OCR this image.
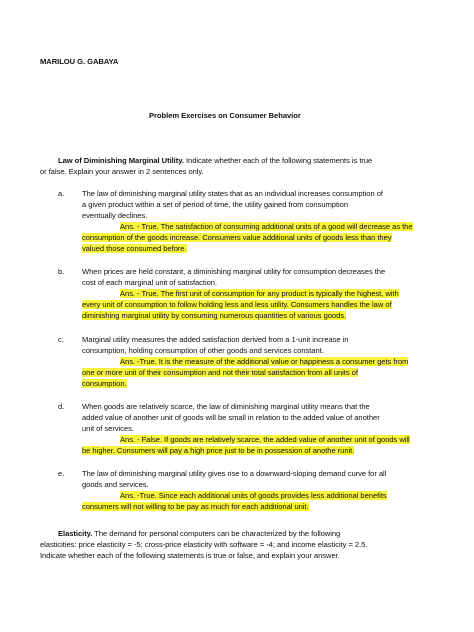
MARILOU G. GABAYA
Problem Exercises on Consumer Behavior
Law of Diminishing Marginal Utility. Indicate whether each of the following statements is true
or false. Explain your answer in 2 sentences only.
a. The law of diminishing marginal utility states that as an individual increases consumption of
a given product within a set of period of time, the utility gained from consumption
eventually declines.
Ans. - True. The satisfaction of consuming additional units of a good will decrease as the
consumption of the goods increase. Consumers value additional units of goods less than they
valued those consumed before.
b. When prices are held constant, a diminishing marginal utility for consumption decreases the
cost of each marginal unit of satisfaction.
Ans. - True. The first unit of consumption for any product is typically the highest, with
every unit of consumption to follow holding less and less utility. Consumers handles the law of
diminishing marginal utility by consuming numerous quantities of various goods.
c. Marginal utility measures the added satisfaction derived from a 1-unit increase in
consumption, holding consumption of other goods and services constant.
Ans. -True. It is the measure of the additional value or happiness a consumer gets from
one or more unit of their consumption and not their total satisfaction from all units of
consumption.
d. When goods are relatively scarce, the law of diminishing marginal utility means that the
added value of another unit of goods will be small in relation to the added value of another
unit of services.
Ans. - False. If goods are relatively scarce, the added value of another unit of goods will
be higher. Consumers will pay a high price just to be in possession of anothe runit.
e. The law of diminishing marginal utility gives rise to a downward-sloping demand curve for all
goods and services.
Ans. -True. Since each additional units of goods provides less additional benefits
consumers will not willing to be pay as much for each additional unit.
Elasticity. The demand for personal computers can be characterized by the following
elasticities: price elasticity = -5; cross-price elasticity with software = -4; and income elasticity = 2.5.
Indicate whether each of the following statements is true or false, and explain your answer.
